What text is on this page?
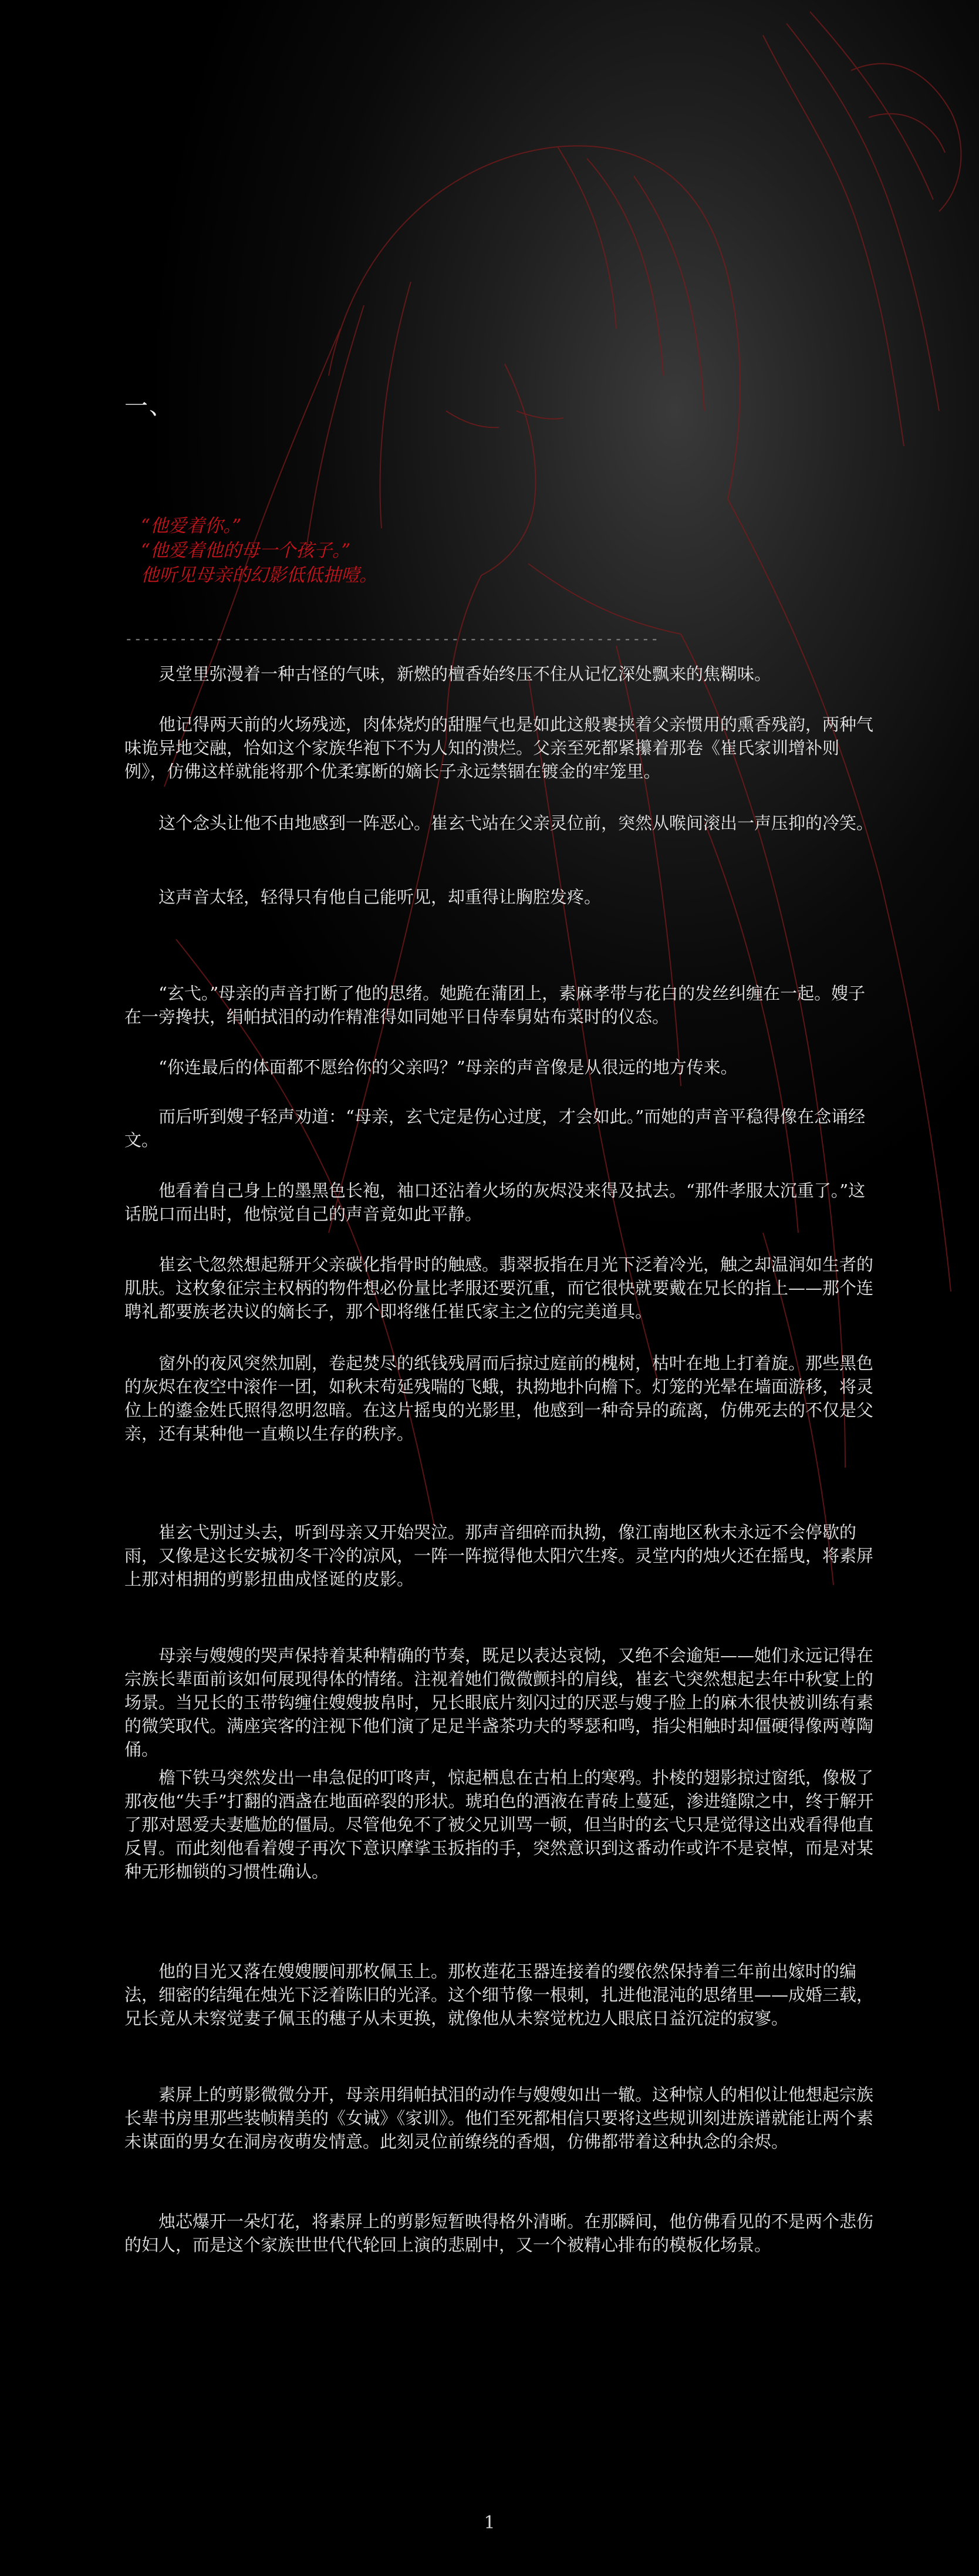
一、
“他爱着你。”
“他爱着他的母一个孩子。”
他听见母亲的幻影低低抽噎。
-----------------------------------------------------------

灵堂里弥漫着一种古怪的气味，新燃的檀香始终压不住从记忆深处飘来的焦糊味。

他记得两天前的火场残迹，肉体烧灼的甜腥气也是如此这般裹挟着父亲惯用的熏香残韵，两种气味诡异地交融，恰如这个家族华袍下不为人知的溃烂。父亲至死都紧攥着那卷《崔氏家训增补则例》，仿佛这样就能将那个优柔寡断的嫡长子永远禁锢在镀金的牢笼里。

这个念头让他不由地感到一阵恶心。崔玄弋站在父亲灵位前，突然从喉间滚出一声压抑的冷笑。

这声音太轻，轻得只有他自己能听见，却重得让胸腔发疼。

“玄弋。”母亲的声音打断了他的思绪。她跪在蒲团上，素麻孝带与花白的发丝纠缠在一起。嫂子在一旁搀扶，绢帕拭泪的动作精准得如同她平日侍奉舅姑布菜时的仪态。

“你连最后的体面都不愿给你的父亲吗？”母亲的声音像是从很远的地方传来。

而后听到嫂子轻声劝道：“母亲，玄弋定是伤心过度，才会如此。”而她的声音平稳得像在念诵经文。

他看着自己身上的墨黑色长袍，袖口还沾着火场的灰烬没来得及拭去。“那件孝服太沉重了。”这话脱口而出时，他惊觉自己的声音竟如此平静。

崔玄弋忽然想起掰开父亲碳化指骨时的触感。翡翠扳指在月光下泛着冷光，触之却温润如生者的肌肤。这枚象征宗主权柄的物件想必份量比孝服还要沉重，而它很快就要戴在兄长的指上——那个连聘礼都要族老决议的嫡长子，那个即将继任崔氏家主之位的完美道具。

窗外的夜风突然加剧，卷起焚尽的纸钱残屑而后掠过庭前的槐树，枯叶在地上打着旋。那些黑色的灰烬在夜空中滚作一团，如秋末苟延残喘的飞蛾，执拗地扑向檐下。灯笼的光晕在墙面游移，将灵位上的鎏金姓氏照得忽明忽暗。在这片摇曳的光影里，他感到一种奇异的疏离，仿佛死去的不仅是父亲，还有某种他一直赖以生存的秩序。

崔玄弋别过头去，听到母亲又开始哭泣。那声音细碎而执拗，像江南地区秋末永远不会停歇的雨，又像是这长安城初冬干冷的凉风，一阵一阵搅得他太阳穴生疼。灵堂内的烛火还在摇曳，将素屏上那对相拥的剪影扭曲成怪诞的皮影。

母亲与嫂嫂的哭声保持着某种精确的节奏，既足以表达哀恸，又绝不会逾矩——她们永远记得在宗族长辈面前该如何展现得体的情绪。注视着她们微微颤抖的肩线，崔玄弋突然想起去年中秋宴上的场景。当兄长的玉带钩缠住嫂嫂披帛时，兄长眼底片刻闪过的厌恶与嫂子脸上的麻木很快被训练有素的微笑取代。满座宾客的注视下他们演了足足半盏茶功夫的琴瑟和鸣，指尖相触时却僵硬得像两尊陶俑。

檐下铁马突然发出一串急促的叮咚声，惊起栖息在古柏上的寒鸦。扑棱的翅影掠过窗纸，像极了那夜他“失手”打翻的酒盏在地面碎裂的形状。琥珀色的酒液在青砖上蔓延，渗进缝隙之中，终于解开了那对恩爱夫妻尴尬的僵局。尽管他免不了被父兄训骂一顿，但当时的玄弋只是觉得这出戏看得他直反胃。而此刻他看着嫂子再次下意识摩挲玉扳指的手，突然意识到这番动作或许不是哀悼，而是对某种无形枷锁的习惯性确认。

他的目光又落在嫂嫂腰间那枚佩玉上。那枚莲花玉器连接着的缨依然保持着三年前出嫁时的编法，细密的结绳在烛光下泛着陈旧的光泽。这个细节像一根刺，扎进他混沌的思绪里——成婚三载，兄长竟从未察觉妻子佩玉的穗子从未更换，就像他从未察觉枕边人眼底日益沉淀的寂寥。

素屏上的剪影微微分开，母亲用绢帕拭泪的动作与嫂嫂如出一辙。这种惊人的相似让他想起宗族长辈书房里那些装帧精美的《女诫》《家训》。他们至死都相信只要将这些规训刻进族谱就能让两个素未谋面的男女在洞房夜萌发情意。此刻灵位前缭绕的香烟，仿佛都带着这种执念的余烬。

烛芯爆开一朵灯花，将素屏上的剪影短暂映得格外清晰。在那瞬间，他仿佛看见的不是两个悲伤的妇人，而是这个家族世世代代轮回上演的悲剧中，又一个被精心排布的模板化场景。

1
